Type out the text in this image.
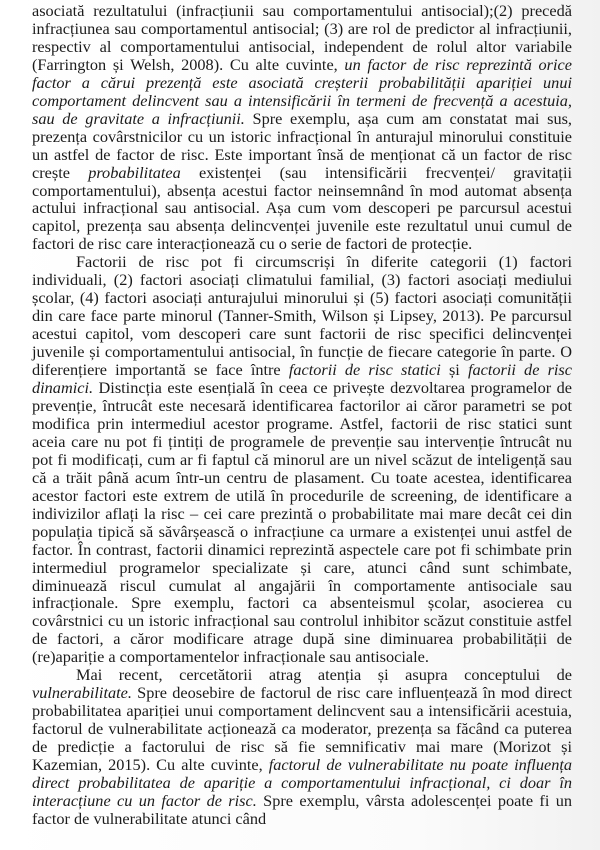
asociată rezultatului (infracțiunii sau comportamentului antisocial);(2) precedă infracțiunea sau comportamentul antisocial; (3) are rol de predictor al infracțiunii, respectiv al comportamentului antisocial, independent de rolul altor variabile (Farrington și Welsh, 2008). Cu alte cuvinte, un factor de risc reprezintă orice factor a cărui prezență este asociată creșterii probabilității apariției unui comportament delincvent sau a intensificării în termeni de frecvență a acestuia, sau de gravitate a infracțiunii. Spre exemplu, așa cum am constatat mai sus, prezența covârstnicilor cu un istoric infracțional în anturajul minorului constituie un astfel de factor de risc. Este important însă de menționat că un factor de risc crește probabilitatea existenței (sau intensificării frecvenței/ gravitații comportamentului), absența acestui factor neinsemnând în mod automat absența actului infracțional sau antisocial. Așa cum vom descoperi pe parcursul acestui capitol, prezența sau absența delincvenței juvenile este rezultatul unui cumul de factori de risc care interacționează cu o serie de factori de protecție.

Factorii de risc pot fi circumscriși în diferite categorii (1) factori individuali, (2) factori asociați climatului familial, (3) factori asociați mediului școlar, (4) factori asociați anturajului minorului și (5) factori asociați comunității din care face parte minorul (Tanner-Smith, Wilson și Lipsey, 2013). Pe parcursul acestui capitol, vom descoperi care sunt factorii de risc specifici delincvenței juvenile și comportamentului antisocial, în funcție de fiecare categorie în parte. O diferențiere importantă se face între factorii de risc statici și factorii de risc dinamici. Distincția este esențială în ceea ce privește dezvoltarea programelor de prevenție, întrucât este necesară identificarea factorilor ai căror parametri se pot modifica prin intermediul acestor programe. Astfel, factorii de risc statici sunt aceia care nu pot fi țintiți de programele de prevenție sau intervenție întrucât nu pot fi modificați, cum ar fi faptul că minorul are un nivel scăzut de inteligență sau că a trăit până acum într-un centru de plasament. Cu toate acestea, identificarea acestor factori este extrem de utilă în procedurile de screening, de identificare a indivizilor aflați la risc – cei care prezintă o probabilitate mai mare decât cei din populația tipică să săvârșească o infracțiune ca urmare a existenței unui astfel de factor. În contrast, factorii dinamici reprezintă aspectele care pot fi schimbate prin intermediul programelor specializate și care, atunci când sunt schimbate, diminuează riscul cumulat al angajării în comportamente antisociale sau infracționale. Spre exemplu, factori ca absenteismul școlar, asocierea cu covârstnici cu un istoric infracțional sau controlul inhibitor scăzut constituie astfel de factori, a căror modificare atrage după sine diminuarea probabilității de (re)apariție a comportamentelor infracționale sau antisociale.

Mai recent, cercetătorii atrag atenția și asupra conceptului de vulnerabilitate. Spre deosebire de factorul de risc care influențează în mod direct probabilitatea apariției unui comportament delincvent sau a intensificării acestuia, factorul de vulnerabilitate acționează ca moderator, prezența sa făcând ca puterea de predicție a factorului de risc să fie semnificativ mai mare (Morizot și Kazemian, 2015). Cu alte cuvinte, factorul de vulnerabilitate nu poate influența direct probabilitatea de apariție a comportamentului infracțional, ci doar în interacțiune cu un factor de risc. Spre exemplu, vârsta adolescenței poate fi un factor de vulnerabilitate atunci când
